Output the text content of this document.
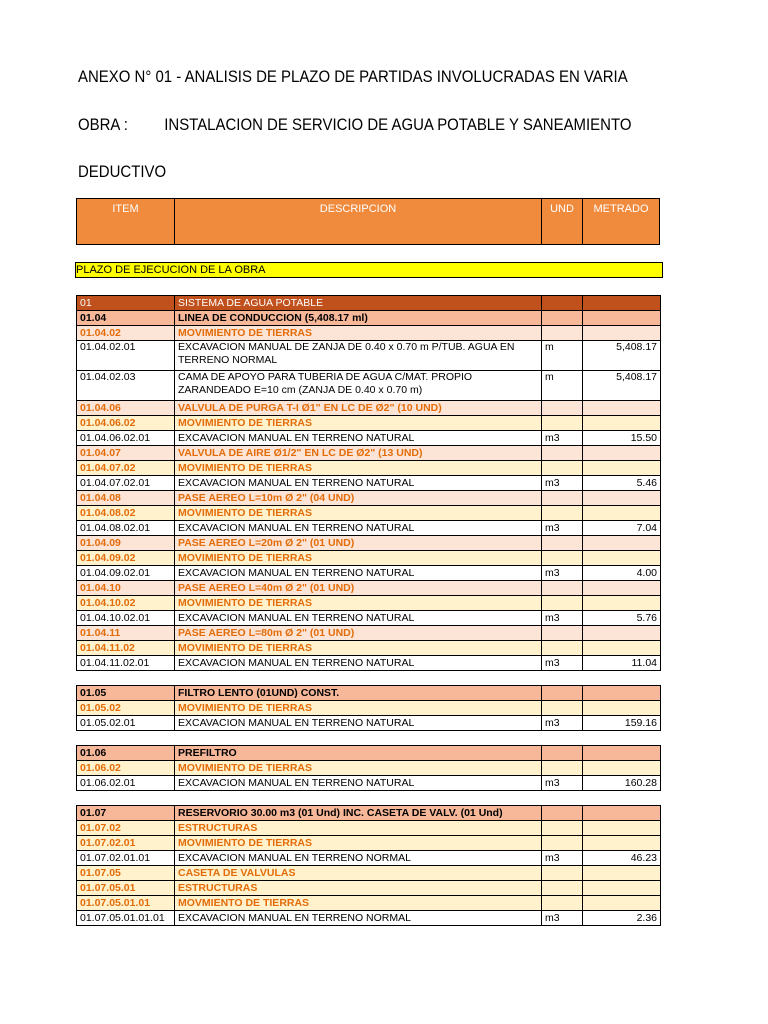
ANEXO N° 01 - ANALISIS DE PLAZO DE PARTIDAS INVOLUCRADAS EN VARIA
OBRA : INSTALACION DE SERVICIO DE AGUA POTABLE Y SANEAMIENTO
DEDUCTIVO
ITEM	DESCRIPCION	UND	METRADO
PLAZO DE EJECUCION DE LA OBRA
01	SISTEMA DE AGUA POTABLE		
01.04	LINEA DE CONDUCCION (5,408.17 ml)		
01.04.02	MOVIMIENTO DE TIERRAS		
01.04.02.01	EXCAVACION MANUAL DE ZANJA DE 0.40 x 0.70 m P/TUB. AGUA EN TERRENO NORMAL	m	5,408.17
01.04.02.03	CAMA DE APOYO PARA TUBERIA DE AGUA C/MAT. PROPIO ZARANDEADO E=10 cm (ZANJA DE 0.40 x 0.70 m)	m	5,408.17
01.04.06	VALVULA DE PURGA T-I Ø1" EN LC DE Ø2" (10 UND)		
01.04.06.02	MOVIMIENTO DE TIERRAS		
01.04.06.02.01	EXCAVACION MANUAL EN TERRENO NATURAL	m3	15.50
01.04.07	VALVULA DE AIRE Ø1/2" EN LC DE Ø2" (13 UND)		
01.04.07.02	MOVIMIENTO DE TIERRAS		
01.04.07.02.01	EXCAVACION MANUAL EN TERRENO NATURAL	m3	5.46
01.04.08	PASE AEREO L=10m Ø 2" (04 UND)		
01.04.08.02	MOVIMIENTO DE TIERRAS		
01.04.08.02.01	EXCAVACION MANUAL EN TERRENO NATURAL	m3	7.04
01.04.09	PASE AEREO L=20m Ø 2" (01 UND)		
01.04.09.02	MOVIMIENTO DE TIERRAS		
01.04.09.02.01	EXCAVACION MANUAL EN TERRENO NATURAL	m3	4.00
01.04.10	PASE AEREO L=40m Ø 2" (01 UND)		
01.04.10.02	MOVIMIENTO DE TIERRAS		
01.04.10.02.01	EXCAVACION MANUAL EN TERRENO NATURAL	m3	5.76
01.04.11	PASE AEREO L=80m Ø 2" (01 UND)		
01.04.11.02	MOVIMIENTO DE TIERRAS		
01.04.11.02.01	EXCAVACION MANUAL EN TERRENO NATURAL	m3	11.04

01.05	FILTRO LENTO (01UND) CONST.		
01.05.02	MOVIMIENTO DE TIERRAS		
01.05.02.01	EXCAVACION MANUAL EN TERRENO NATURAL	m3	159.16

01.06	PREFILTRO		
01.06.02	MOVIMIENTO DE TIERRAS		
01.06.02.01	EXCAVACION MANUAL EN TERRENO NATURAL	m3	160.28

01.07	RESERVORIO 30.00 m3 (01 Und) INC. CASETA DE VALV. (01 Und)		
01.07.02	ESTRUCTURAS		
01.07.02.01	MOVIMIENTO DE TIERRAS		
01.07.02.01.01	EXCAVACION MANUAL EN TERRENO NORMAL	m3	46.23
01.07.05	CASETA DE VALVULAS		
01.07.05.01	ESTRUCTURAS		
01.07.05.01.01	MOVMIENTO DE TIERRAS		
01.07.05.01.01.01	EXCAVACION MANUAL EN TERRENO NORMAL	m3	2.36
